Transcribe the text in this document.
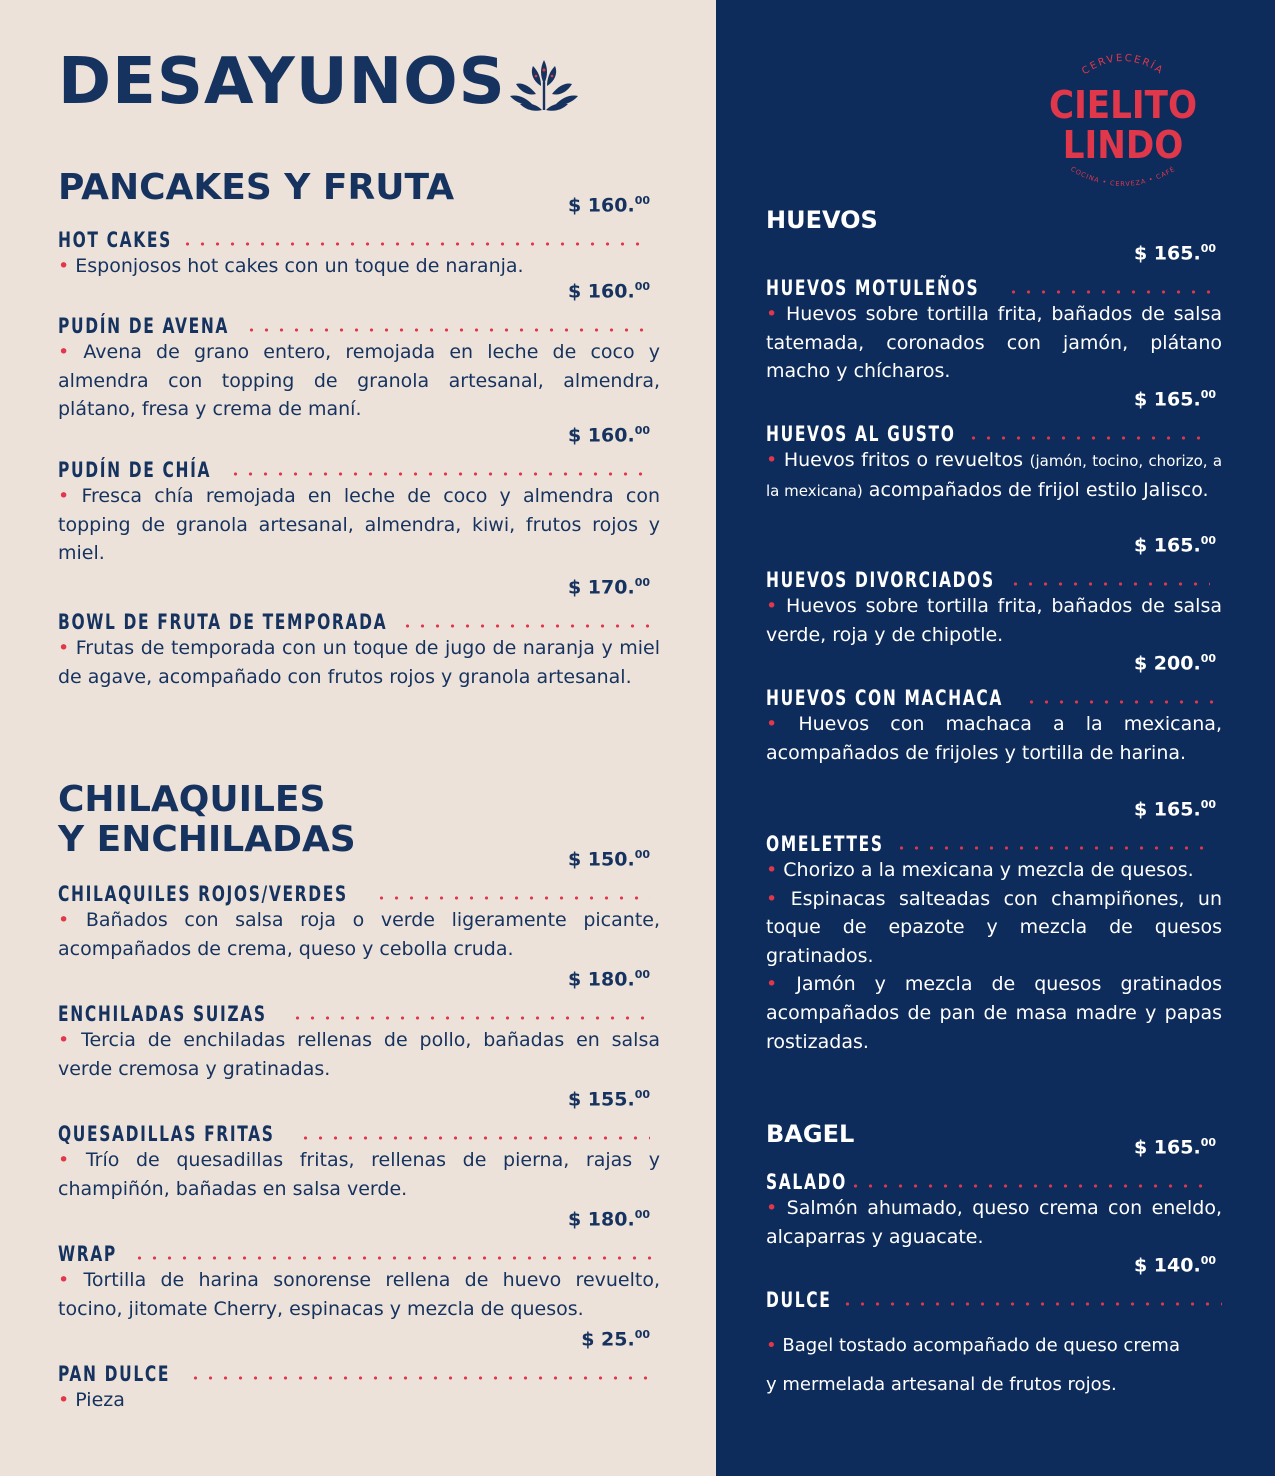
DESAYUNOS
PANCAKES Y FRUTA
HOT CAKES
$ 160.00

• Esponjosos hot cakes con un toque de naranja.

PUDÍN DE AVENA
$ 160.00

• Avena de grano entero, remojada en leche de coco y almendra con topping de granola artesanal, almendra, plátano, fresa y crema de maní.

PUDÍN DE CHÍA
$ 160.00

• Fresca chía remojada en leche de coco y almendra con topping de granola artesanal, almendra, kiwi, frutos rojos y miel.

BOWL DE FRUTA DE TEMPORADA
$ 170.00

• Frutas de temporada con un toque de jugo de naranja y miel de agave, acompañado con frutos rojos y granola artesanal.

CHILAQUILES
Y ENCHILADAS
CHILAQUILES ROJOS/VERDES
$ 150.00

• Bañados con salsa roja o verde ligeramente picante, acompañados de crema, queso y cebolla cruda.

ENCHILADAS SUIZAS
$ 180.00

• Tercia de enchiladas rellenas de pollo, bañadas en salsa verde cremosa y gratinadas.

QUESADILLAS FRITAS
$ 155.00

• Trío de quesadillas fritas, rellenas de pierna, rajas y champiñón, bañadas en salsa verde.

WRAP
$ 180.00

• Tortilla de harina sonorense rellena de huevo revuelto, tocino, jitomate Cherry, espinacas y mezcla de quesos.

PAN DULCE
$ 25.00

• Pieza

CERVECERÍA
CIELITO
LINDO
COCINA • CERVEZA • CAFÉ
HUEVOS
HUEVOS MOTULEÑOS
$ 165.00

• Huevos sobre tortilla frita, bañados de salsa tatemada, coronados con jamón, plátano macho y chícharos.

HUEVOS AL GUSTO
$ 165.00

• Huevos fritos o revueltos (jamón, tocino, chorizo, a la mexicana) acompañados de frijol estilo Jalisco.

HUEVOS DIVORCIADOS
$ 165.00

• Huevos sobre tortilla frita, bañados de salsa verde, roja y de chipotle.

HUEVOS CON MACHACA
$ 200.00

• Huevos con machaca a la mexicana, acompañados de frijoles y tortilla de harina.

OMELETTES
$ 165.00

• Chorizo a la mexicana y mezcla de quesos.

• Espinacas salteadas con champiñones, un toque de epazote y mezcla de quesos gratinados.

• Jamón y mezcla de quesos gratinados acompañados de pan de masa madre y papas rostizadas.

BAGEL
SALADO
$ 165.00

• Salmón ahumado, queso crema con eneldo, alcaparras y aguacate.

DULCE
$ 140.00

• Bagel tostado acompañado de queso crema
y mermelada artesanal de frutos rojos.
